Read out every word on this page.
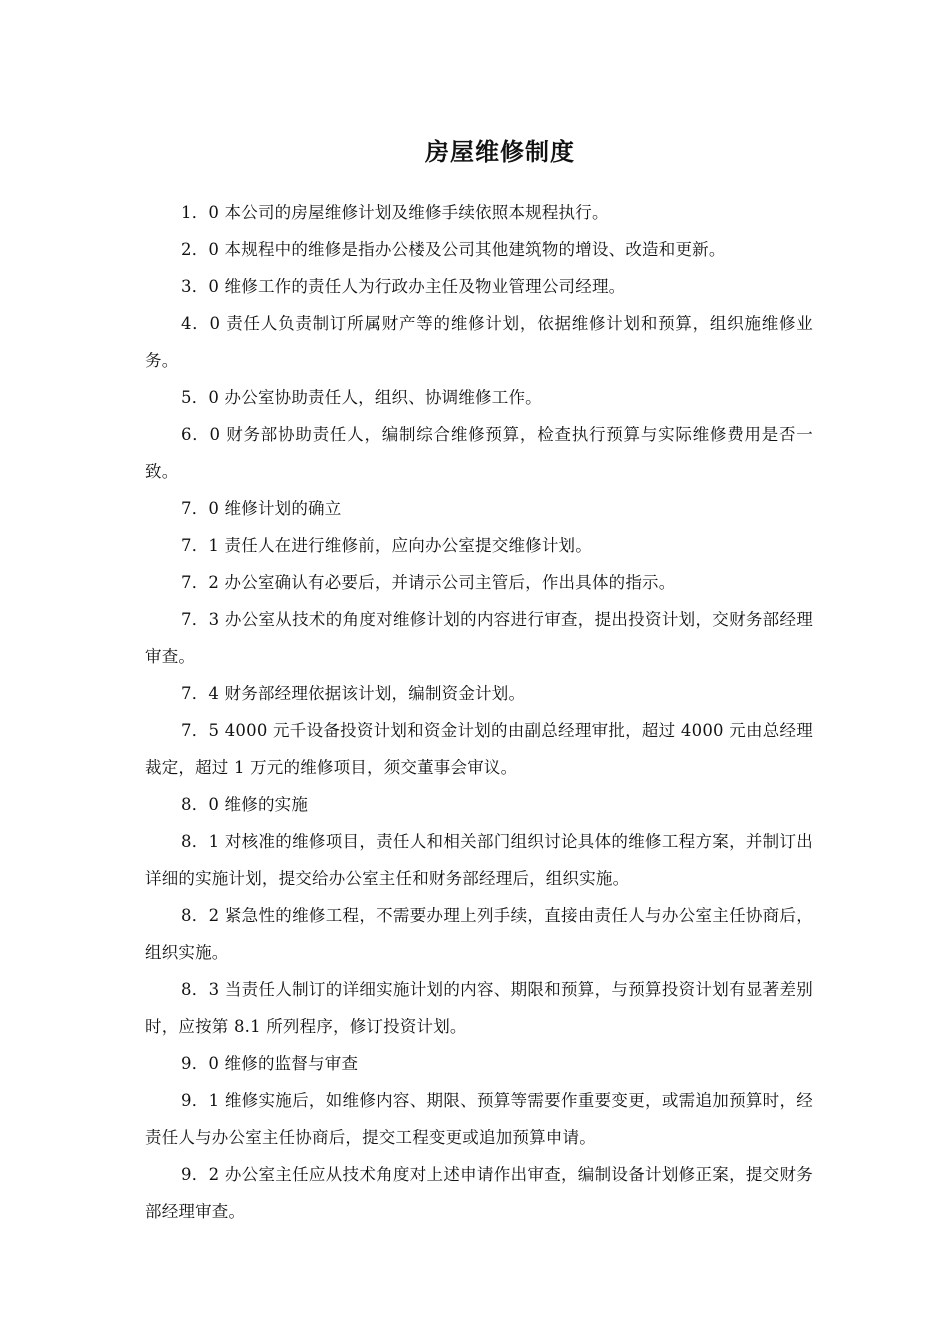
房屋维修制度

1．0 本公司的房屋维修计划及维修手续依照本规程执行。

2．0 本规程中的维修是指办公楼及公司其他建筑物的增设、改造和更新。

3．0 维修工作的责任人为行政办主任及物业管理公司经理。

4．0 责任人负责制订所属财产等的维修计划，依据维修计划和预算，组织施维修业务。

5．0 办公室协助责任人，组织、协调维修工作。

6．0 财务部协助责任人，编制综合维修预算，检查执行预算与实际维修费用是否一致。

7．0 维修计划的确立

7．1 责任人在进行维修前，应向办公室提交维修计划。

7．2 办公室确认有必要后，并请示公司主管后，作出具体的指示。

7．3 办公室从技术的角度对维修计划的内容进行审查，提出投资计划，交财务部经理审查。

7．4 财务部经理依据该计划，编制资金计划。

7．5 4000 元千设备投资计划和资金计划的由副总经理审批，超过 4000 元由总经理裁定，超过 1 万元的维修项目，须交董事会审议。

8．0 维修的实施

8．1 对核准的维修项目，责任人和相关部门组织讨论具体的维修工程方案，并制订出详细的实施计划，提交给办公室主任和财务部经理后，组织实施。

8．2 紧急性的维修工程，不需要办理上列手续，直接由责任人与办公室主任协商后，组织实施。

8．3 当责任人制订的详细实施计划的内容、期限和预算，与预算投资计划有显著差别时，应按第 8.1 所列程序，修订投资计划。

9．0 维修的监督与审查

9．1 维修实施后，如维修内容、期限、预算等需要作重要变更，或需追加预算时，经责任人与办公室主任协商后，提交工程变更或追加预算申请。

9．2 办公室主任应从技术角度对上述申请作出审查，编制设备计划修正案，提交财务部经理审查。
